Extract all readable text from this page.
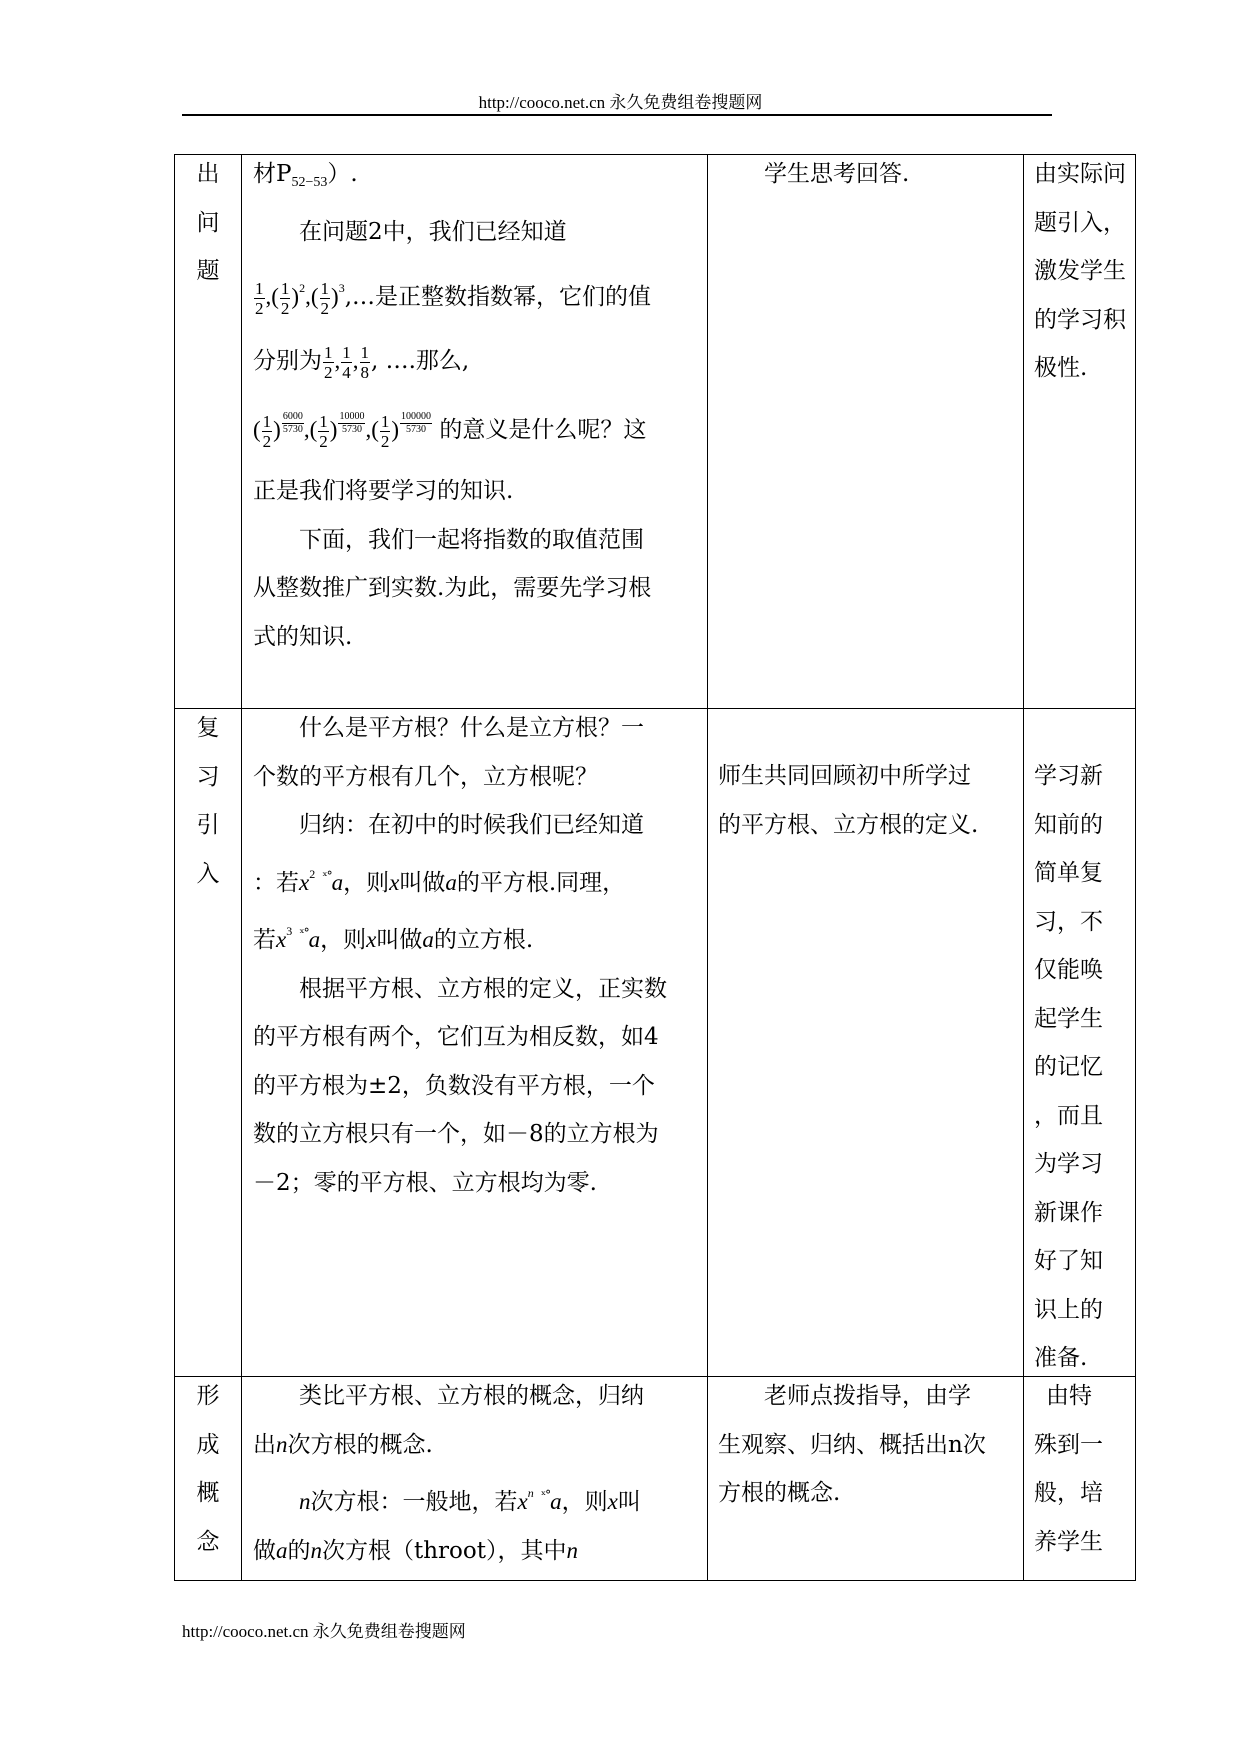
http://cooco.net.cn 永久免费组卷搜题网
出
问
题
材$P_{52-53}$）.
在问题2中，我们已经知道
$\frac{1}{2}$ ,( $\frac{1}{2} )^2,( \frac{1}{2}$ )$^3,\dots$是正整数指数幂，它们的值
分别为 $\frac{1}{2}$ , $\frac{1}{4}$ , $\frac{1}{8}$ , ….那么,
( $\frac{1}{2}$ ) $\frac{6000}{5730}$ ,( $\frac{1}{2}$ ) $\frac{10000}{5730}$ ,( $\frac{1}{2}$ ) $\frac{100000}{5730}$ 的意义是什么呢？这
正是我们将要学习的知识.
下面，我们一起将指数的取值范围
从整数推广到实数.为此，需要先学习根
式的知识.
学生思考回答.	由实际问
题引入，
激发学生
的学习积
极性.
复
习
引
入
什么是平方根？什么是立方根？一
个数的平方根有几个，立方根呢？
归纳：在初中的时候我们已经知道
：若$x^2$ $^{ˣ^\circ}$a，则x叫做a的平方根.同理，
若$x^3$ $^{ˣ^\circ}$a，则x叫做a的立方根.
根据平方根、立方根的定义，正实数
的平方根有两个，它们互为相反数，如4
的平方根为±2，负数没有平方根，一个
数的立方根只有一个，如－8的立方根为
－2；零的平方根、立方根均为零.
师生共同回顾初中所学过
的平方根、立方根的定义.
学习新
知前的
简单复
习，不
仅能唤
起学生
的记忆
，而且
为学习
新课作
好了知
识上的
准备.
形
成
概
念
类比平方根、立方根的概念，归纳
出n次方根的概念.
n次方根：一般地，若$x^n$ $^{ˣ^\circ}$a，则x叫
做a的n次方根（throot），其中n
老师点拨指导，由学
生观察、归纳、概括出n次
方根的概念.
由特
殊到一
般，培
养学生
http://cooco.net.cn 永久免费组卷搜题网
